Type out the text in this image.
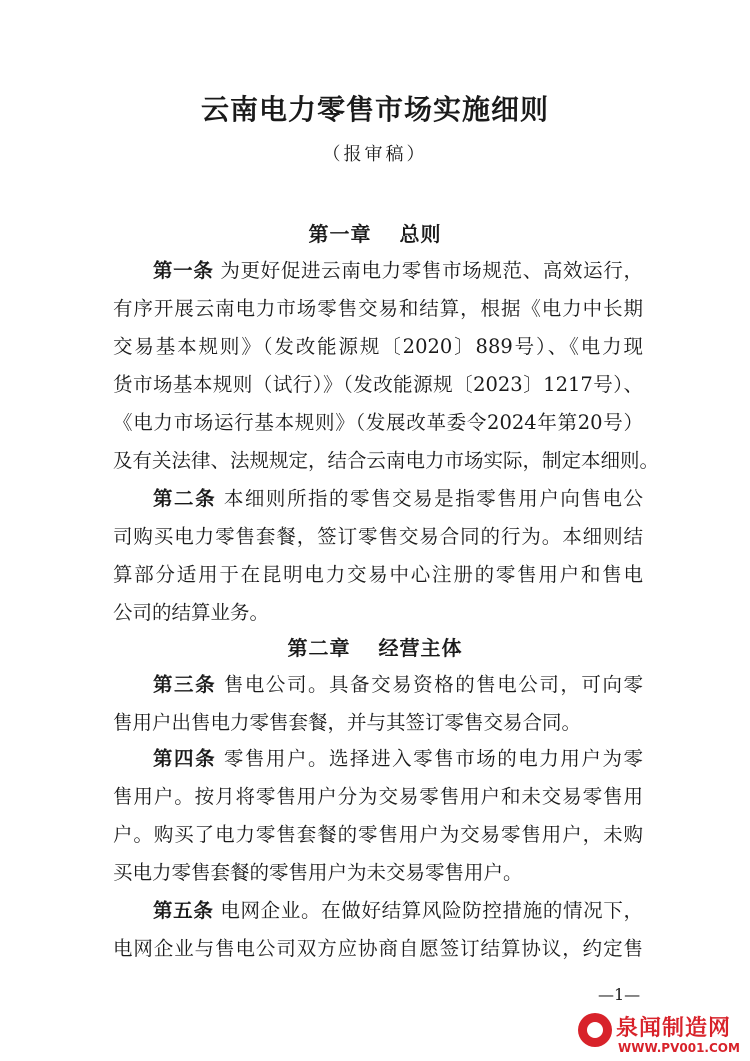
云南电力零售市场实施细则
（报审稿）
第一章 总则
第一条 为更好促进云南电力零售市场规范、高效运行，
有序开展云南电力市场零售交易和结算，根据《电力中长期
交易基本规则》（发改能源规〔2020〕889号）、《电力现
货市场基本规则（试行）》（发改能源规〔2023〕1217号）、
《电力市场运行基本规则》（发展改革委令2024年第20号）
及有关法律、法规规定，结合云南电力市场实际，制定本细则。
第二条 本细则所指的零售交易是指零售用户向售电公
司购买电力零售套餐，签订零售交易合同的行为。本细则结
算部分适用于在昆明电力交易中心注册的零售用户和售电
公司的结算业务。
第二章 经营主体
第三条 售电公司。具备交易资格的售电公司，可向零
售用户出售电力零售套餐，并与其签订零售交易合同。
第四条 零售用户。选择进入零售市场的电力用户为零
售用户。按月将零售用户分为交易零售用户和未交易零售用
户。购买了电力零售套餐的零售用户为交易零售用户，未购
买电力零售套餐的零售用户为未交易零售用户。
第五条 电网企业。在做好结算风险防控措施的情况下，
电网企业与售电公司双方应协商自愿签订结算协议，约定售
—1—
泉闻制造网
WWW.PV001.COM
